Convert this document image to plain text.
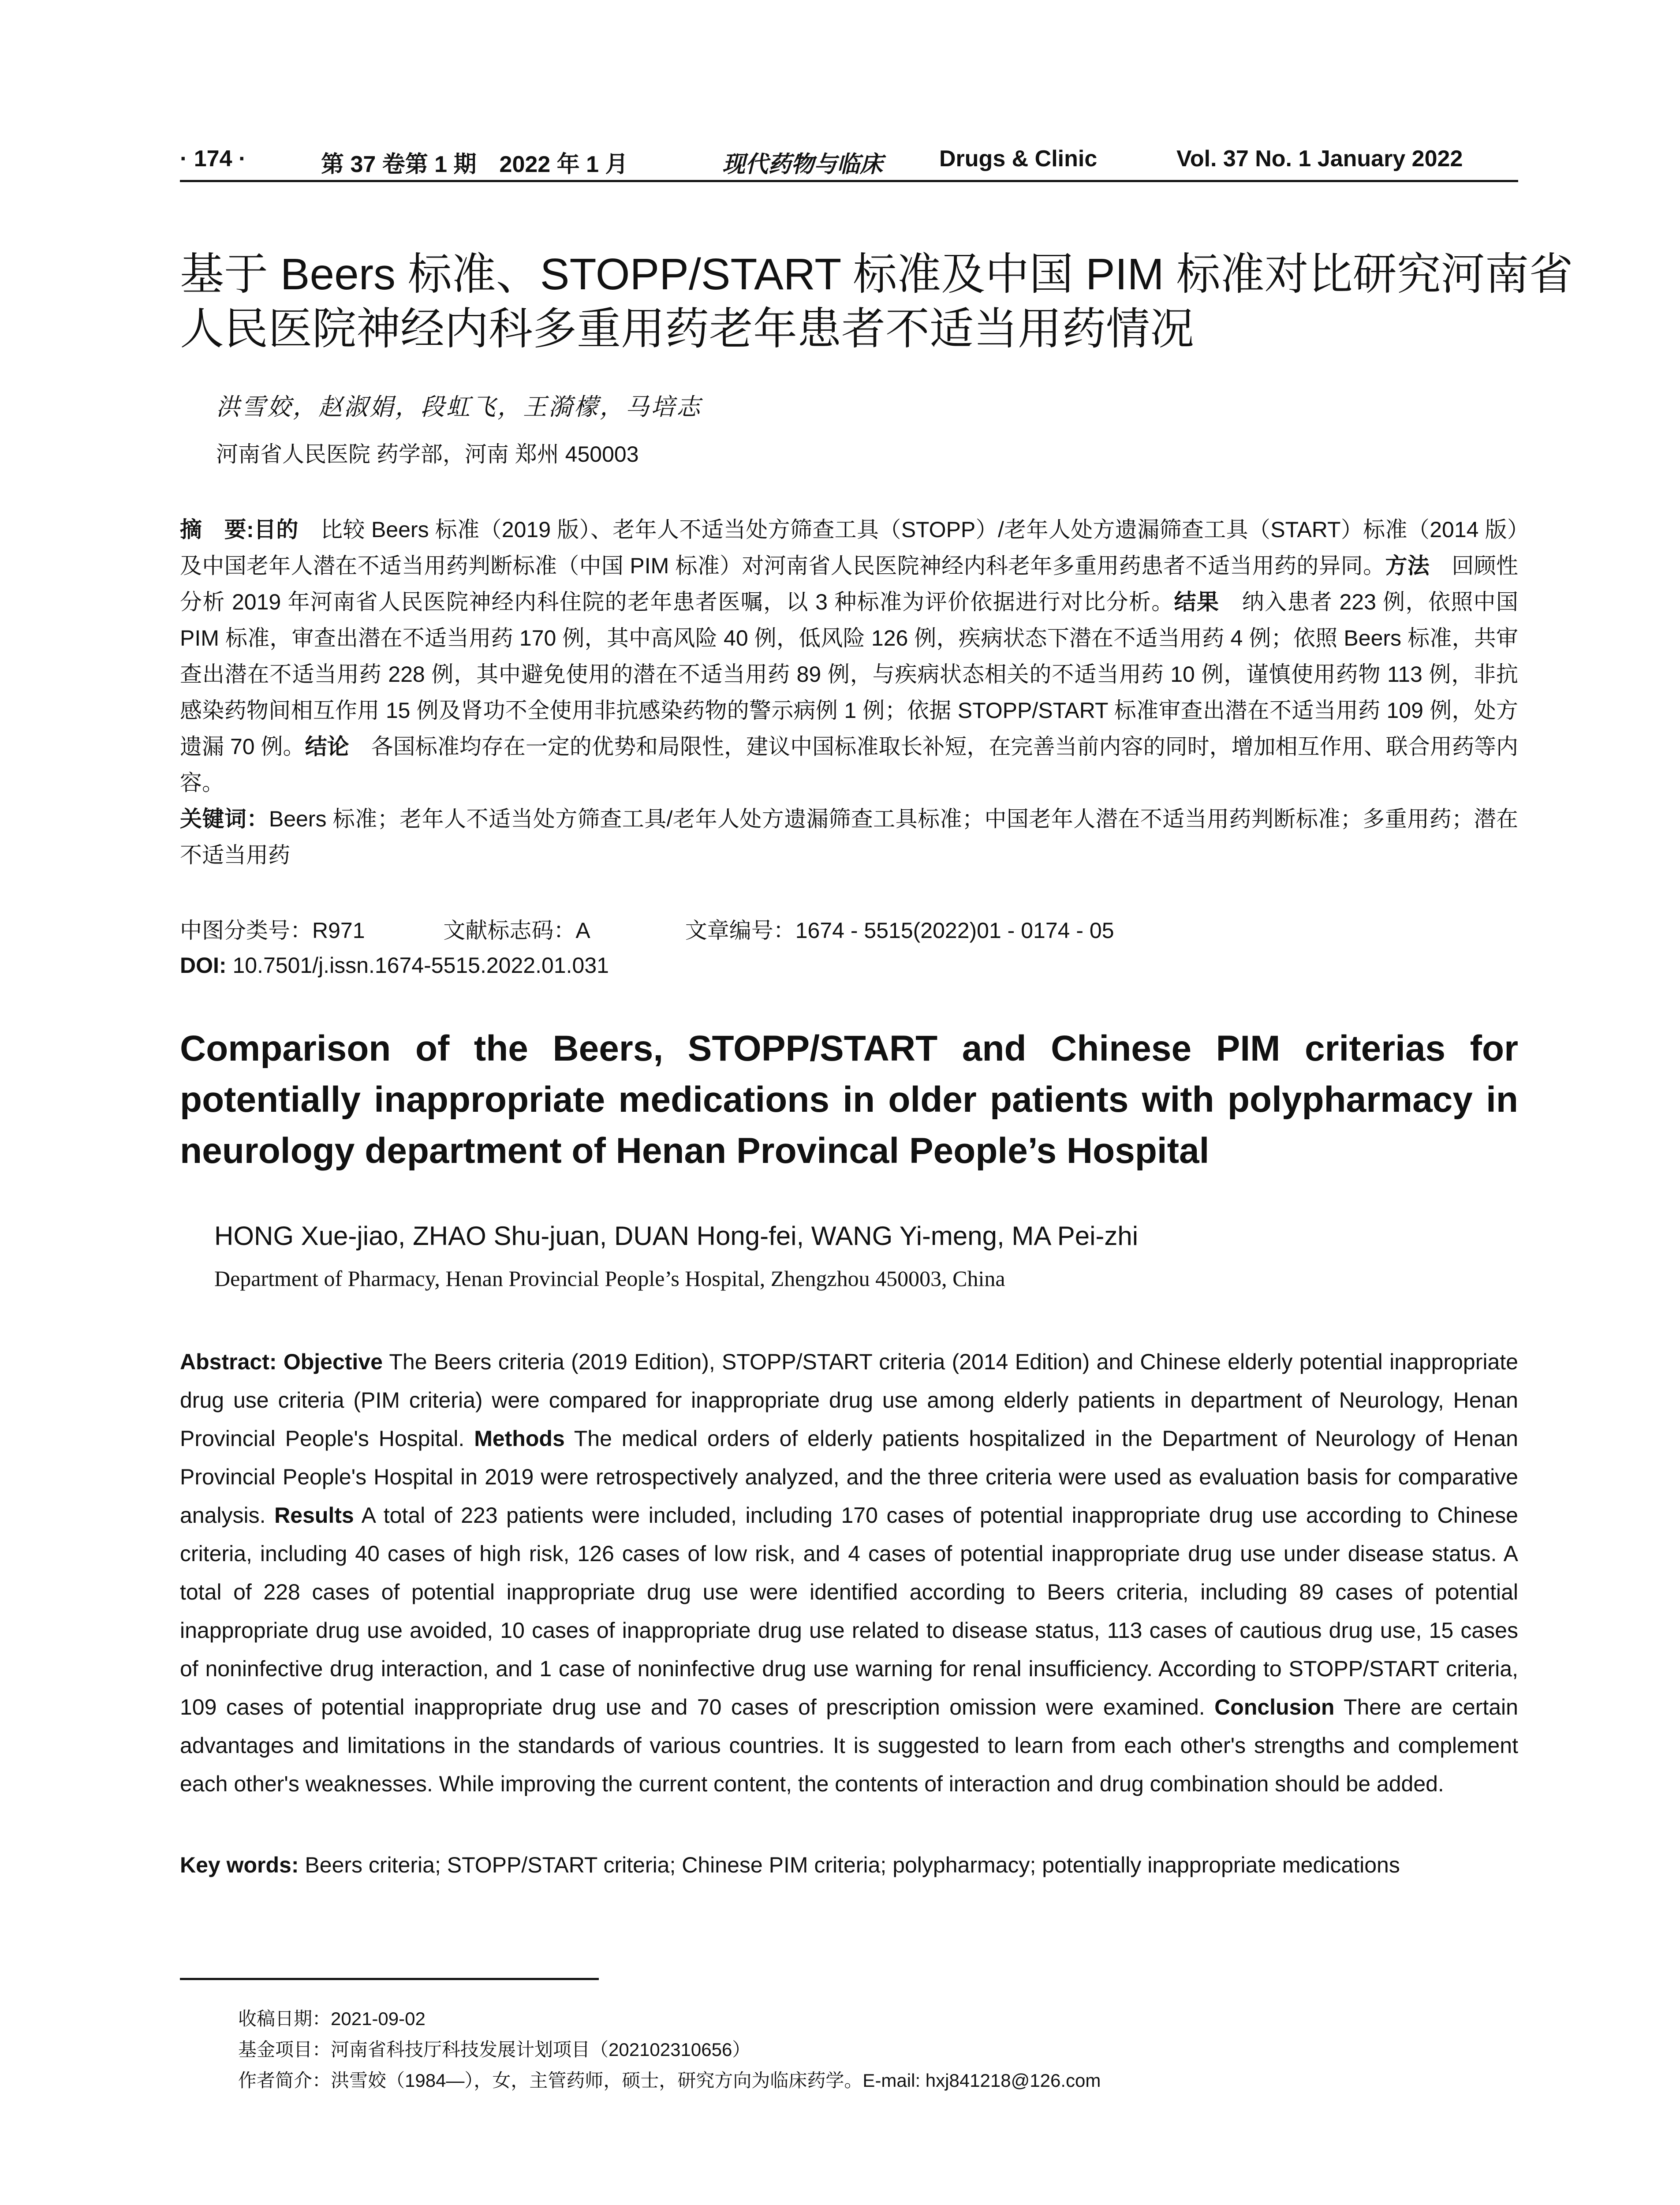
· 174 ·	第 37 卷第 1 期　2022 年 1 月	现代药物与临床 Drugs & Clinic	Vol. 37 No. 1 January 2022
基于 Beers 标准、STOPP/START 标准及中国 PIM 标准对比研究河南省
人民医院神经内科多重用药老年患者不适当用药情况
洪雪姣，赵淑娟，段虹飞，王漪檬，马培志
河南省人民医院 药学部，河南 郑州 450003

摘　要:目的　比较 Beers 标准（2019 版）、老年人不适当处方筛查工具（STOPP）/老年人处方遗漏筛查工具（START）标准（2014 版）及中国老年人潜在不适当用药判断标准（中国 PIM 标准）对河南省人民医院神经内科老年多重用药患者不适当用药的异同。方法　回顾性分析 2019 年河南省人民医院神经内科住院的老年患者医嘱，以 3 种标准为评价依据进行对比分析。结果　纳入患者 223 例，依照中国 PIM 标准，审查出潜在不适当用药 170 例，其中高风险 40 例，低风险 126 例，疾病状态下潜在不适当用药 4 例；依照 Beers 标准，共审查出潜在不适当用药 228 例，其中避免使用的潜在不适当用药 89 例，与疾病状态相关的不适当用药 10 例，谨慎使用药物 113 例，非抗感染药物间相互作用 15 例及肾功不全使用非抗感染药物的警示病例 1 例；依据 STOPP/START 标准审查出潜在不适当用药 109 例，处方遗漏 70 例。结论　各国标准均存在一定的优势和局限性，建议中国标准取长补短，在完善当前内容的同时，增加相互作用、联合用药等内容。

关键词：Beers 标准；老年人不适当处方筛查工具/老年人处方遗漏筛查工具标准；中国老年人潜在不适当用药判断标准；多重用药；潜在不适当用药

中图分类号：R971	文献标志码：A	文章编号：1674 - 5515(2022)01 - 0174 - 05
DOI: 10.7501/j.issn.1674-5515.2022.01.031
Comparison of the Beers, STOPP/START and Chinese PIM criterias for potentially inappropriate medications in older patients with polypharmacy in neurology department of Henan Provincal People’s Hospital
HONG Xue-jiao, ZHAO Shu-juan, DUAN Hong-fei, WANG Yi-meng, MA Pei-zhi
Department of Pharmacy, Henan Provincial People’s Hospital, Zhengzhou 450003, China

Abstract: Objective The Beers criteria (2019 Edition), STOPP/START criteria (2014 Edition) and Chinese elderly potential inappropriate drug use criteria (PIM criteria) were compared for inappropriate drug use among elderly patients in department of Neurology, Henan Provincial People's Hospital. Methods The medical orders of elderly patients hospitalized in the Department of Neurology of Henan Provincial People's Hospital in 2019 were retrospectively analyzed, and the three criteria were used as evaluation basis for comparative analysis. Results A total of 223 patients were included, including 170 cases of potential inappropriate drug use according to Chinese criteria, including 40 cases of high risk, 126 cases of low risk, and 4 cases of potential inappropriate drug use under disease status. A total of 228 cases of potential inappropriate drug use were identified according to Beers criteria, including 89 cases of potential inappropriate drug use avoided, 10 cases of inappropriate drug use related to disease status, 113 cases of cautious drug use, 15 cases of noninfective drug interaction, and 1 case of noninfective drug use warning for renal insufficiency. According to STOPP/START criteria, 109 cases of potential inappropriate drug use and 70 cases of prescription omission were examined. Conclusion There are certain advantages and limitations in the standards of various countries. It is suggested to learn from each other's strengths and complement each other's weaknesses. While improving the current content, the contents of interaction and drug combination should be added.

Key words: Beers criteria; STOPP/START criteria; Chinese PIM criteria; polypharmacy; potentially inappropriate medications
收稿日期：2021-09-02
基金项目：河南省科技厅科技发展计划项目（202102310656）
作者简介：洪雪姣（1984—），女，主管药师，硕士，研究方向为临床药学。E-mail: hxj841218@126.com
